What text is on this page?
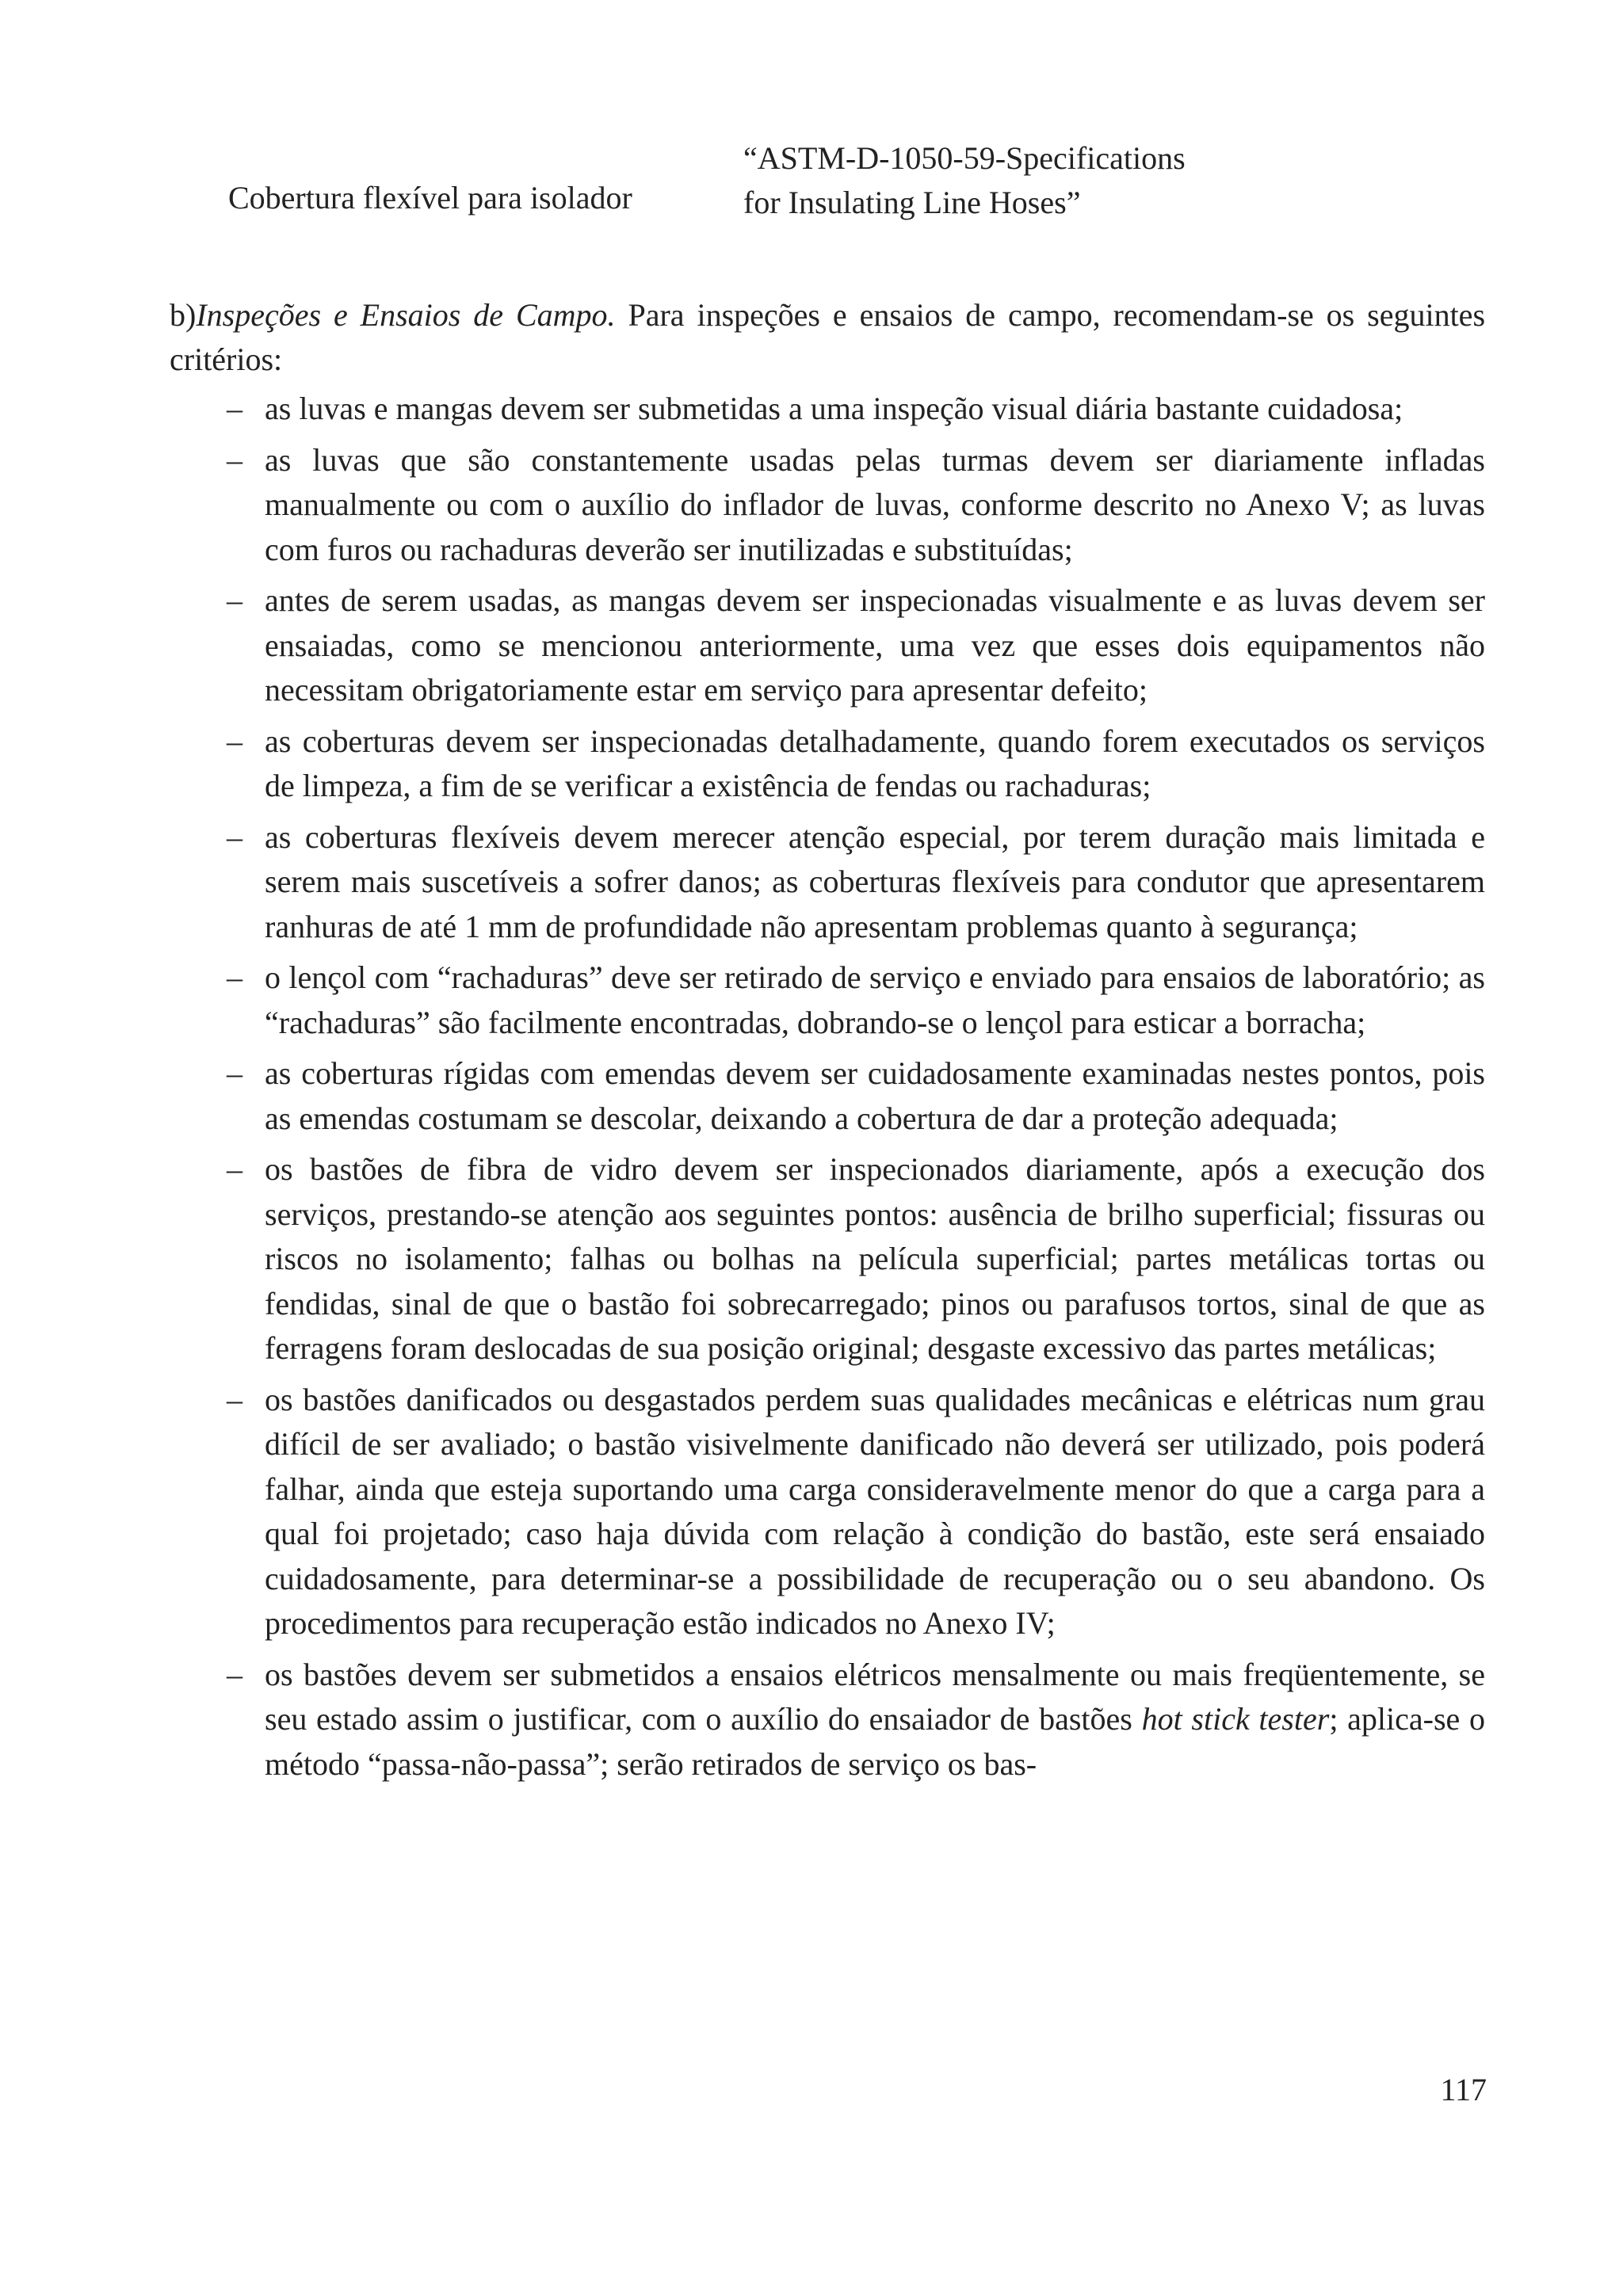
Cobertura flexível para isolador
“ASTM-D-1050-59-Specifications
for Insulating Line Hoses”

b)Inspeções e Ensaios de Campo. Para inspeções e ensaios de campo, recomendam-se os seguintes critérios:

– as luvas e mangas devem ser submetidas a uma inspeção visual diária bastante cuidadosa;
– as luvas que são constantemente usadas pelas turmas devem ser diariamente infladas manualmente ou com o auxílio do inflador de luvas, conforme descrito no Anexo V; as luvas com furos ou rachaduras deverão ser inutilizadas e substituídas;
– antes de serem usadas, as mangas devem ser inspecionadas visualmente e as luvas devem ser ensaiadas, como se mencionou anteriormente, uma vez que esses dois equipamentos não necessitam obrigatoriamente estar em serviço para apresentar defeito;
– as coberturas devem ser inspecionadas detalhadamente, quando forem executados os serviços de limpeza, a fim de se verificar a existência de fendas ou rachaduras;
– as coberturas flexíveis devem merecer atenção especial, por terem duração mais limitada e serem mais suscetíveis a sofrer danos; as coberturas flexíveis para condutor que apresentarem ranhuras de até 1 mm de profundidade não apresentam problemas quanto à segurança;
– o lençol com “rachaduras” deve ser retirado de serviço e enviado para ensaios de laboratório; as “rachaduras” são facilmente encontradas, dobrando-se o lençol para esticar a borracha;
– as coberturas rígidas com emendas devem ser cuidadosamente examinadas nestes pontos, pois as emendas costumam se descolar, deixando a cobertura de dar a proteção adequada;
– os bastões de fibra de vidro devem ser inspecionados diariamente, após a execução dos serviços, prestando-se atenção aos seguintes pontos: ausência de brilho superficial; fissuras ou riscos no isolamento; falhas ou bolhas na película superficial; partes metálicas tortas ou fendidas, sinal de que o bastão foi sobrecarregado; pinos ou parafusos tortos, sinal de que as ferragens foram deslocadas de sua posição original; desgaste excessivo das partes metálicas;
– os bastões danificados ou desgastados perdem suas qualidades mecânicas e elétricas num grau difícil de ser avaliado; o bastão visivelmente danificado não deverá ser utilizado, pois poderá falhar, ainda que esteja suportando uma carga consideravelmente menor do que a carga para a qual foi projetado; caso haja dúvida com relação à condição do bastão, este será ensaiado cuidadosamente, para determinar-se a possibilidade de recuperação ou o seu abandono. Os procedimentos para recuperação estão indicados no Anexo IV;
– os bastões devem ser submetidos a ensaios elétricos mensalmente ou mais freqüentemente, se seu estado assim o justificar, com o auxílio do ensaiador de bastões hot stick tester; aplica-se o método “passa-não-passa”; serão retirados de serviço os bas-
117
